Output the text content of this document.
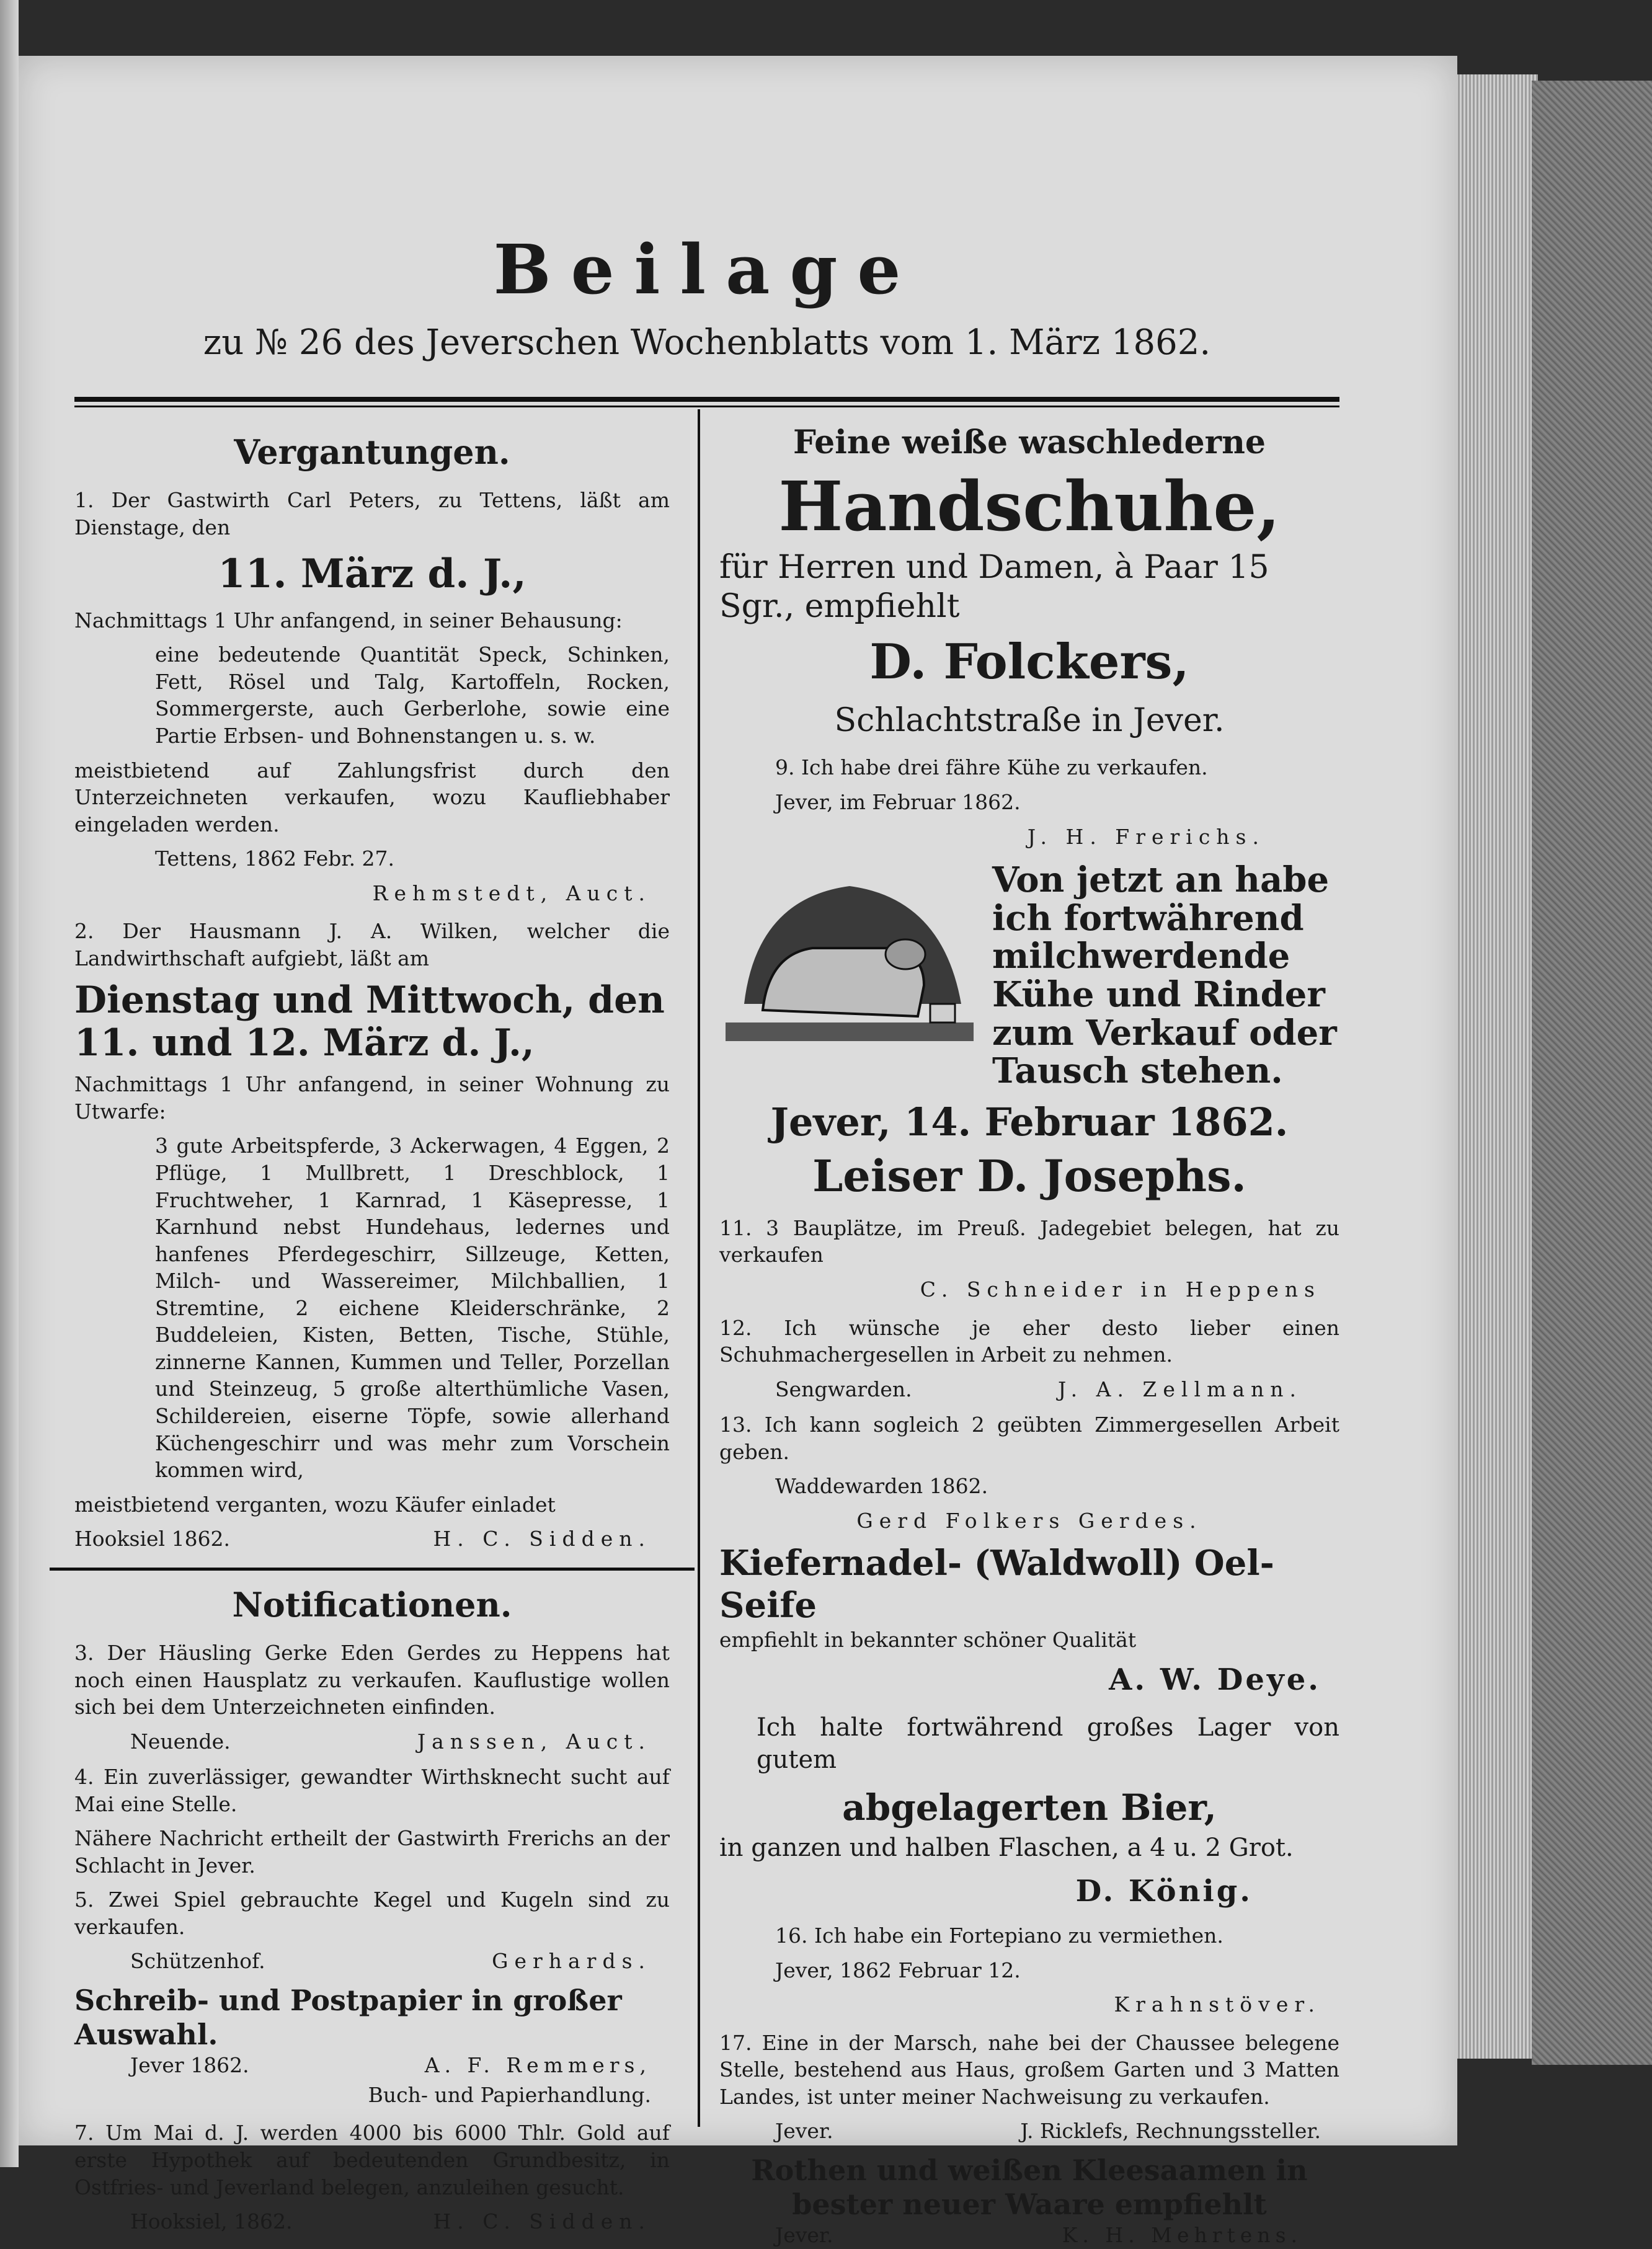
Beilage
zu № 26 des Jeverschen Wochenblatts vom 1. März 1862.
Vergantungen.
1. Der Gastwirth Carl Peters, zu Tettens, läßt am Dienstage, den
11. März d. J.,
Nachmittags 1 Uhr anfangend, in seiner Behausung:
eine bedeutende Quantität Speck, Schinken, Fett, Rösel und Talg, Kartoffeln, Rocken, Sommergerste, auch Gerberlohe, sowie eine Partie Erbsen- und Bohnenstangen u. s. w.
meistbietend auf Zahlungsfrist durch den Unterzeichneten verkaufen, wozu Kaufliebhaber eingeladen werden.
Tettens, 1862 Febr. 27.
Rehmstedt, Auct.
2. Der Hausmann J. A. Wilken, welcher die Landwirthschaft aufgiebt, läßt am
Dienstag und Mittwoch, den 11. und 12. März d. J.,
Nachmittags 1 Uhr anfangend, in seiner Wohnung zu Utwarfe:
3 gute Arbeitspferde, 3 Ackerwagen, 4 Eggen, 2 Pflüge, 1 Mullbrett, 1 Dreschblock, 1 Fruchtweher, 1 Karnrad, 1 Käsepresse, 1 Karnhund nebst Hundehaus, ledernes und hanfenes Pferdegeschirr, Sillzeuge, Ketten, Milch- und Wassereimer, Milchballien, 1 Stremtine, 2 eichene Kleiderschränke, 2 Buddeleien, Kisten, Betten, Tische, Stühle, zinnerne Kannen, Kummen und Teller, Porzellan und Steinzeug, 5 große alterthümliche Vasen, Schildereien, eiserne Töpfe, sowie allerhand Küchengeschirr und was mehr zum Vorschein kommen wird,
meistbietend verganten, wozu Käufer einladet
Hooksiel 1862.	H. C. Sidden.
Notificationen.
3. Der Häusling Gerke Eden Gerdes zu Heppens hat noch einen Hausplatz zu verkaufen. Kauflustige wollen sich bei dem Unterzeichneten einfinden.
Neuende.	Janssen, Auct.
4. Ein zuverlässiger, gewandter Wirthsknecht sucht auf Mai eine Stelle.
Nähere Nachricht ertheilt der Gastwirth Frerichs an der Schlacht in Jever.
5. Zwei Spiel gebrauchte Kegel und Kugeln sind zu verkaufen.
Schützenhof.	Gerhards.
Schreib- und Postpapier in großer Auswahl.
Jever 1862.	A. F. Remmers,
Buch- und Papierhandlung.
7. Um Mai d. J. werden 4000 bis 6000 Thlr. Gold auf erste Hypothek auf bedeutenden Grundbesitz, in Ostfries- und Jeverland belegen, anzuleihen gesucht.
Hooksiel, 1862.	H. C. Sidden.
Feine weiße waschlederne
Handschuhe,
für Herren und Damen, à Paar 15 Sgr., empfiehlt
D. Folckers,
Schlachtstraße in Jever.
9. Ich habe drei fähre Kühe zu verkaufen.
Jever, im Februar 1862.
J. H. Frerichs.
Von jetzt an habe ich fortwährend milchwerdende Kühe und Rinder zum Verkauf oder Tausch stehen.
Jever, 14. Februar 1862.
Leiser D. Josephs.
11. 3 Bauplätze, im Preuß. Jadegebiet belegen, hat zu verkaufen
C. Schneider in Heppens
12. Ich wünsche je eher desto lieber einen Schuhmachergesellen in Arbeit zu nehmen.
Sengwarden.	J. A. Zellmann.
13. Ich kann sogleich 2 geübten Zimmergesellen Arbeit geben.
Waddewarden 1862.
Gerd Folkers Gerdes.
Kiefernadel- (Waldwoll) Oel-Seife
empfiehlt in bekannter schöner Qualität
A. W. Deye.
Ich halte fortwährend großes Lager von gutem
abgelagerten Bier,
in ganzen und halben Flaschen, a 4 u. 2 Grot.
D. König.
16. Ich habe ein Fortepiano zu vermiethen.
Jever, 1862 Februar 12.
Krahnstöver.
17. Eine in der Marsch, nahe bei der Chaussee belegene Stelle, bestehend aus Haus, großem Garten und 3 Matten Landes, ist unter meiner Nachweisung zu verkaufen.
Jever.	J. Ricklefs, Rechnungssteller.
Rothen und weißen Kleesaamen in bester neuer Waare empfiehlt
Jever.	K. H. Mehrtens.
